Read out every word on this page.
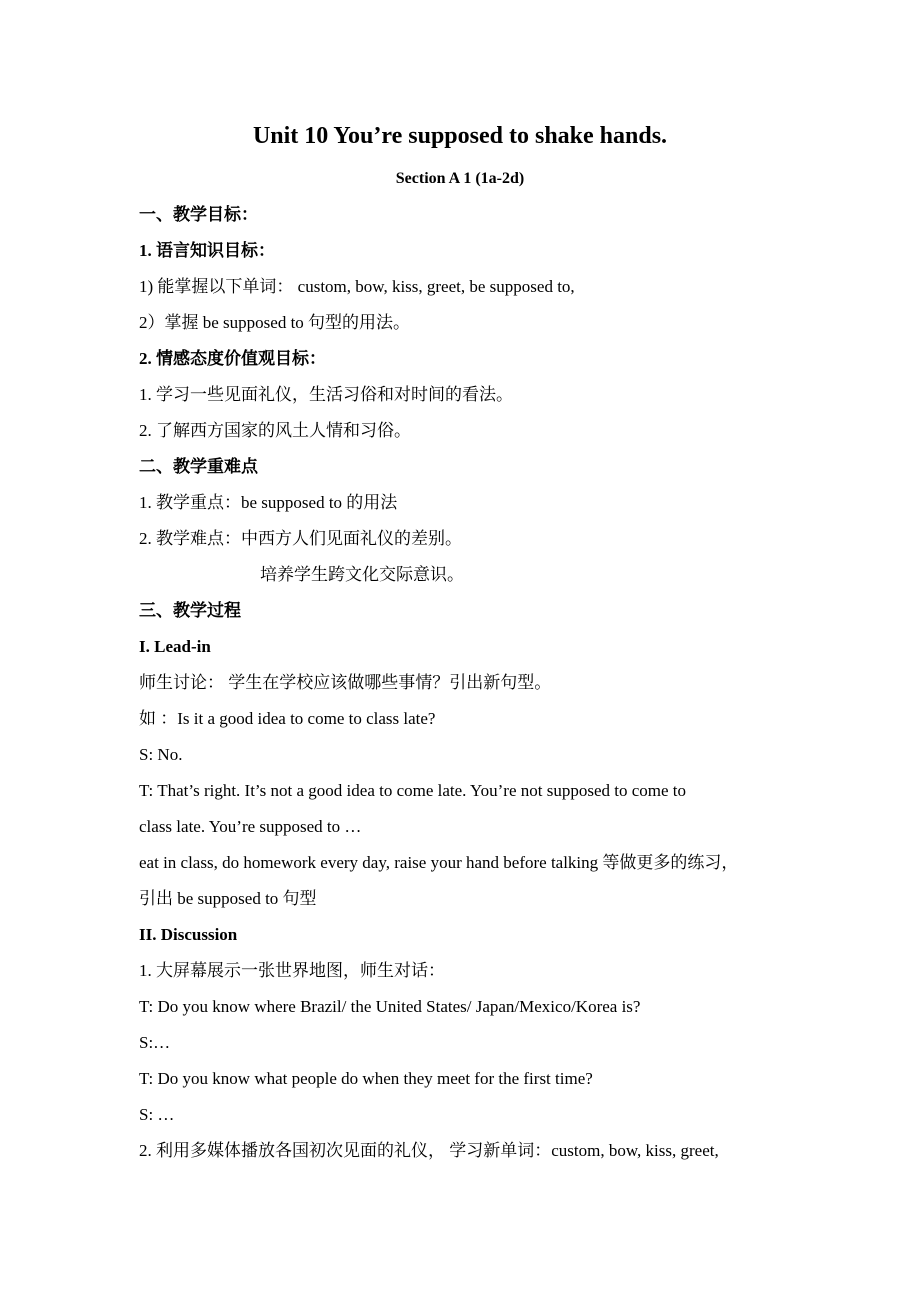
Unit 10 You’re supposed to shake hands.
Section A 1 (1a-2d)
一、教学目标：
1. 语言知识目标：
1) 能掌握以下单词： custom, bow, kiss, greet, be supposed to,
2）掌握 be supposed to 句型的用法。
2. 情感态度价值观目标：
1. 学习一些见面礼仪，生活习俗和对时间的看法。
2. 了解西方国家的风土人情和习俗。
二、教学重难点
1. 教学重点：be supposed to 的用法
2. 教学难点：中西方人们见面礼仪的差别。
培养学生跨文化交际意识。
三、教学过程
I. Lead-in
师生讨论： 学生在学校应该做哪些事情？引出新句型。
如 ：Is it a good idea to come to class late?
S: No.
T: That’s right. It’s not a good idea to come late. You’re not supposed to come to
class late. You’re supposed to …
eat in class, do homework every day, raise your hand before talking 等做更多的练习，
引出 be supposed to 句型
II. Discussion
1. 大屏幕展示一张世界地图，师生对话：
T: Do you know where Brazil/ the United States/ Japan/Mexico/Korea is?
S:…
T: Do you know what people do when they meet for the first time?
S: …
2. 利用多媒体播放各国初次见面的礼仪， 学习新单词：custom, bow, kiss, greet,
